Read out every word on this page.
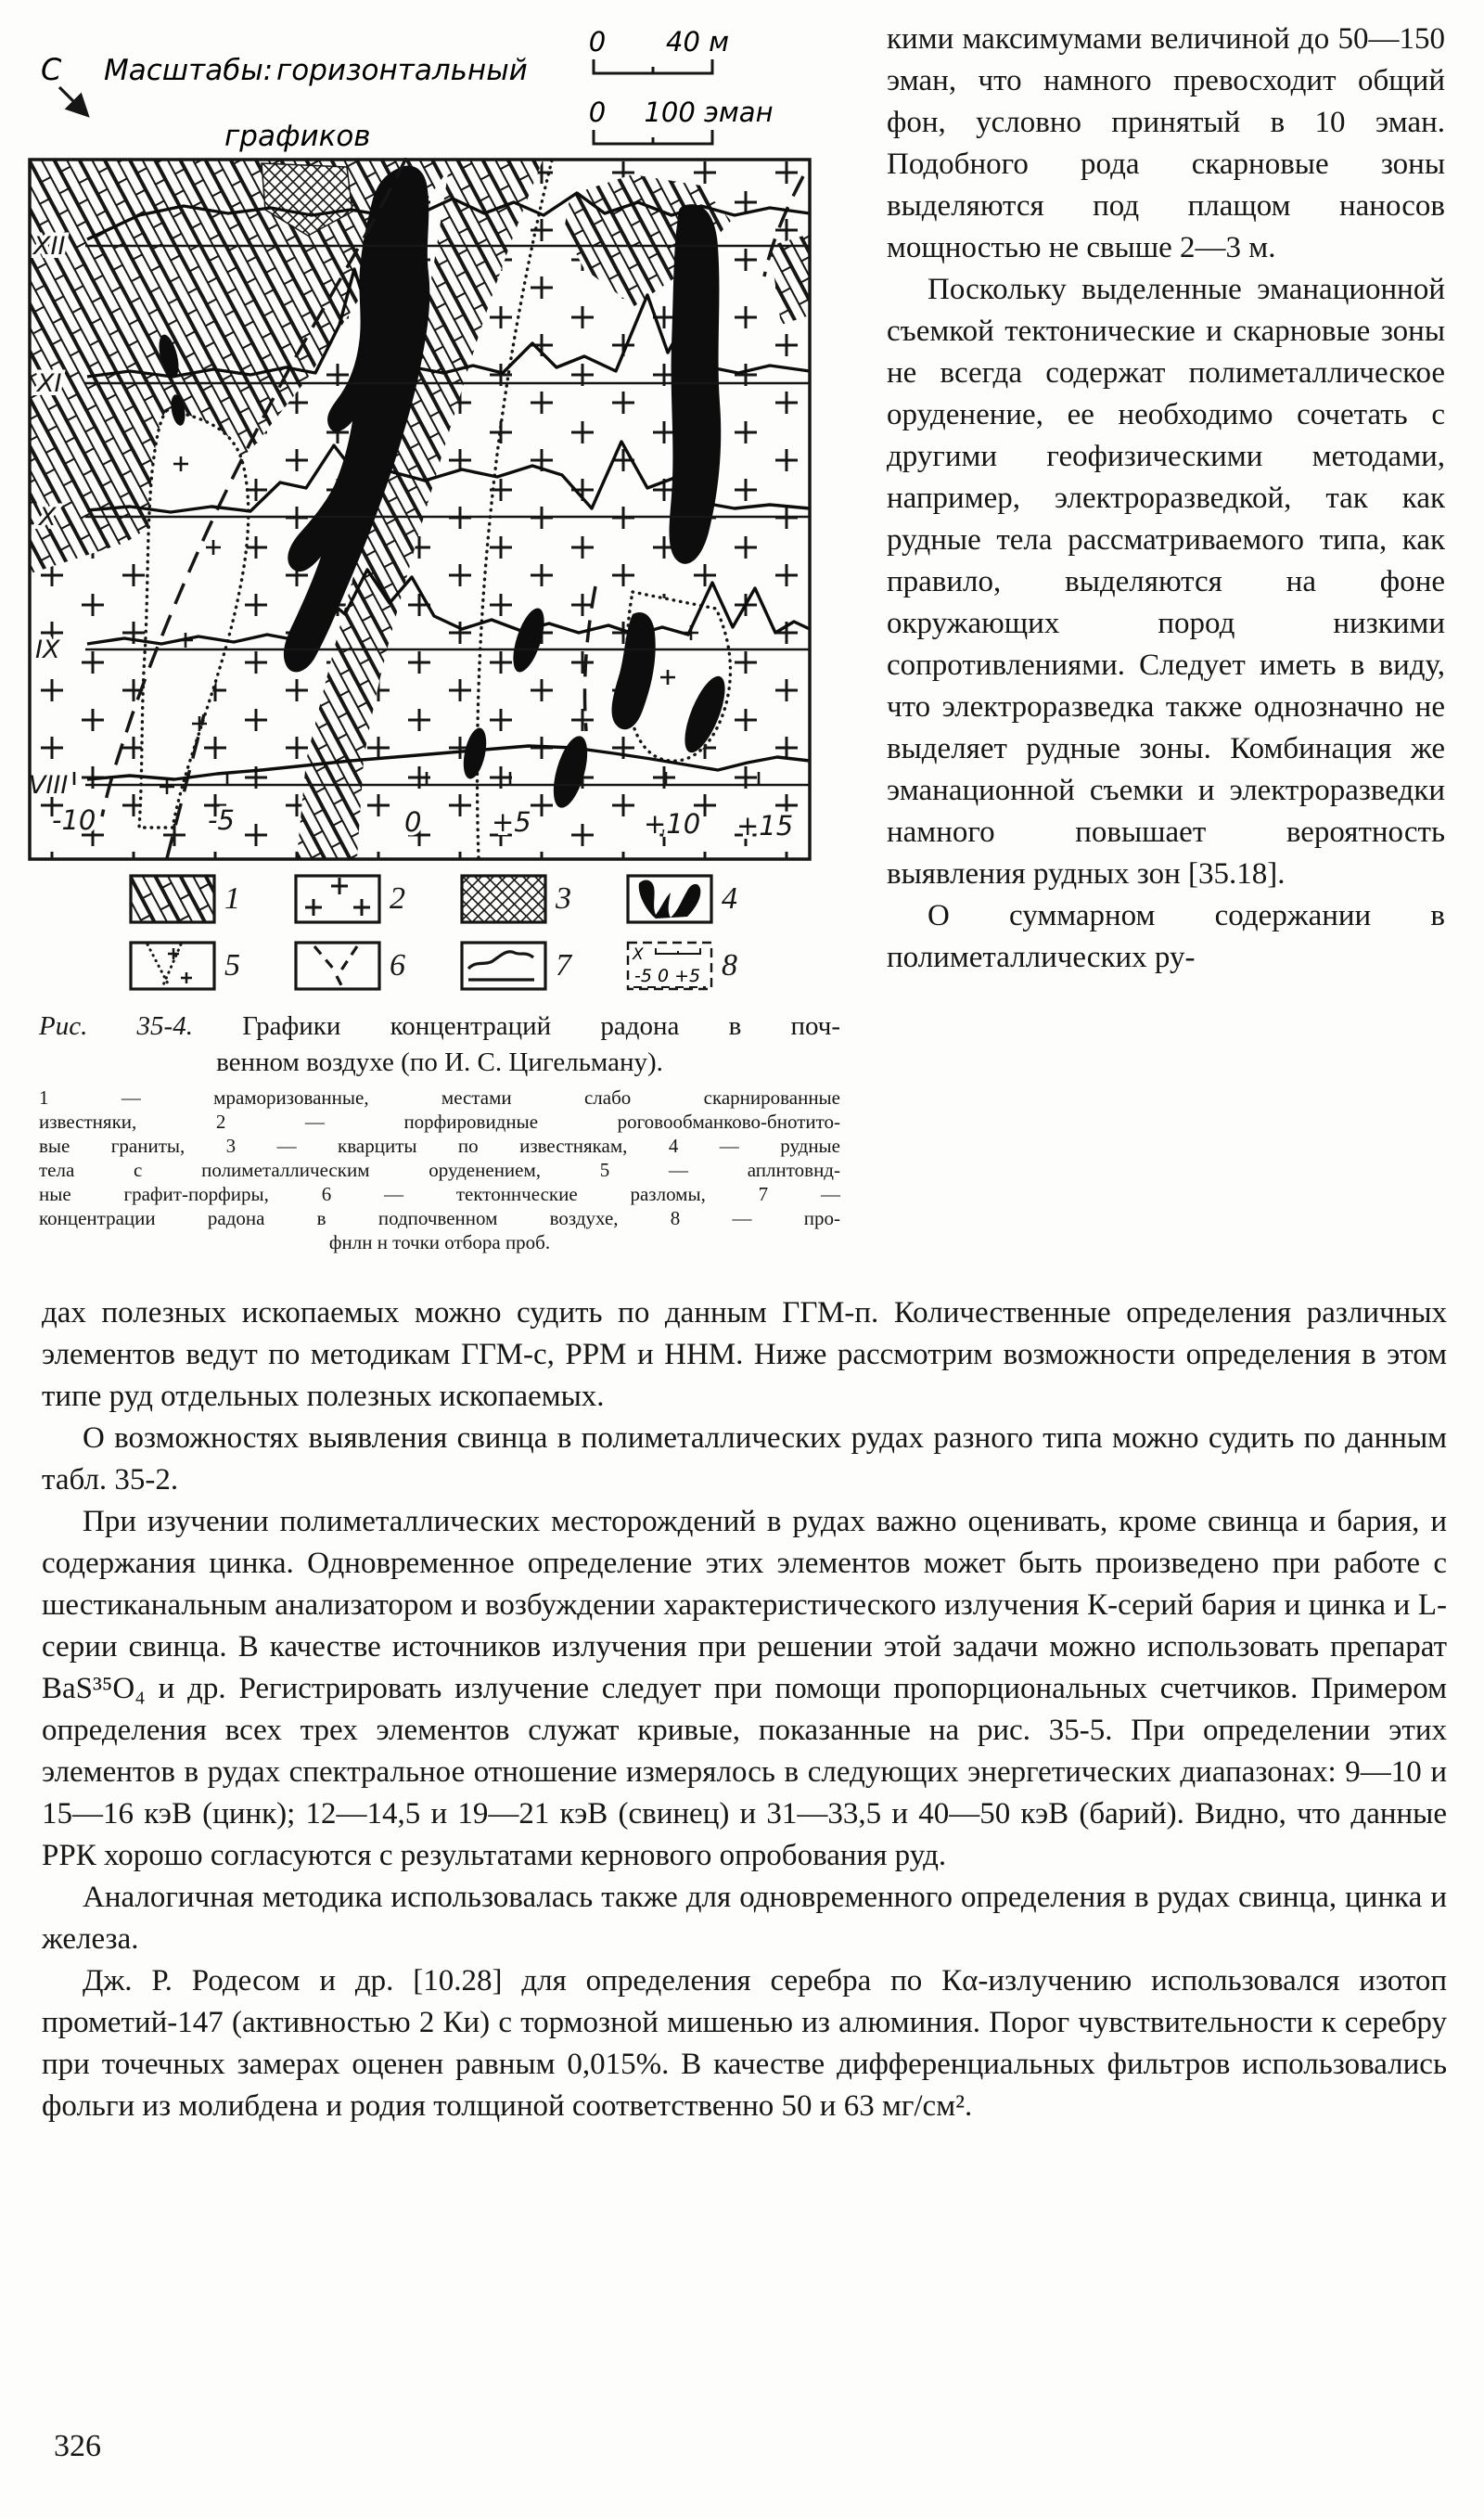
С Масштабы: горизонтальный
0 40 м
графиков
0 100 эман
XII
XI
X
IX
VIII
-10	-5	0	+5	+10 +15
1	2	3	4
5	6	7	X
-5 0 +5 8
Рис. 35-4. Графики концентраций радона в поч-
венном воздухе (по И. С. Цигельману).
1 — мраморизованные, местами слабо скарнированные
известняки, 2 — порфировидные роговообманково-бнотито-
вые граниты, 3 — кварциты по известнякам, 4 — рудные
тела с полиметаллическим оруденением, 5 — аплнтовнд-
ные графит-порфиры, 6 — тектоннческие разломы, 7 —
концентрации радона в подпочвенном воздухе, 8 — про-
фнлн н точки отбора проб.

кими максимумами величиной до 50—150 эман, что намного превосходит общий фон, условно принятый в 10 эман. Подобного рода скарновые зоны выделяются под плащом наносов мощностью не свыше 2—3 м.

Поскольку выделенные эманационной съемкой тектонические и скарновые зоны не всегда содержат полиметаллическое оруденение, ее необходимо сочетать с другими геофизическими методами, например, электроразведкой, так как рудные тела рассматриваемого типа, как правило, выделяются на фоне окружающих пород низкими сопротивлениями. Следует иметь в виду, что электроразведка также однозначно не выделяет рудные зоны. Комбинация же эманационной съемки и электроразведки намного повышает вероятность выявления рудных зон [35.18].

О суммарном содержании в полиметаллических ру-

дах полезных ископаемых можно судить по данным ГГМ-п. Количественные определения различных элементов ведут по методикам ГГМ-с, РРМ и ННМ. Ниже рассмотрим возможности определения в этом типе руд отдельных полезных ископаемых.

О возможностях выявления свинца в полиметаллических рудах разного типа можно судить по данным табл. 35-2.

При изучении полиметаллических месторождений в рудах важно оценивать, кроме свинца и бария, и содержания цинка. Одновременное определение этих элементов может быть произведено при работе с шестиканальным анализатором и возбуждении характеристического излучения К-серий бария и цинка и L-серии свинца. В качестве источников излучения при решении этой задачи можно использовать препарат BaS³⁵O₄ и др. Регистрировать излучение следует при помощи пропорциональных счетчиков. Примером определения всех трех элементов служат кривые, показанные на рис. 35-5. При определении этих элементов в рудах спектральное отношение измерялось в следующих энергетических диапазонах: 9—10 и 15—16 кэВ (цинк); 12—14,5 и 19—21 кэВ (свинец) и 31—33,5 и 40—50 кэВ (барий). Видно, что данные РРК хорошо согласуются с результатами кернового опробования руд.

Аналогичная методика использовалась также для одновременного определения в рудах свинца, цинка и железа.

Дж. Р. Родесом и др. [10.28] для определения серебра по Кα-излучению использовался изотоп прометий-147 (активностью 2 Ки) с тормозной мишенью из алюминия. Порог чувствительности к серебру при точечных замерах оценен равным 0,015%. В качестве дифференциальных фильтров использовались фольги из молибдена и родия толщиной соответственно 50 и 63 мг/см².

326
